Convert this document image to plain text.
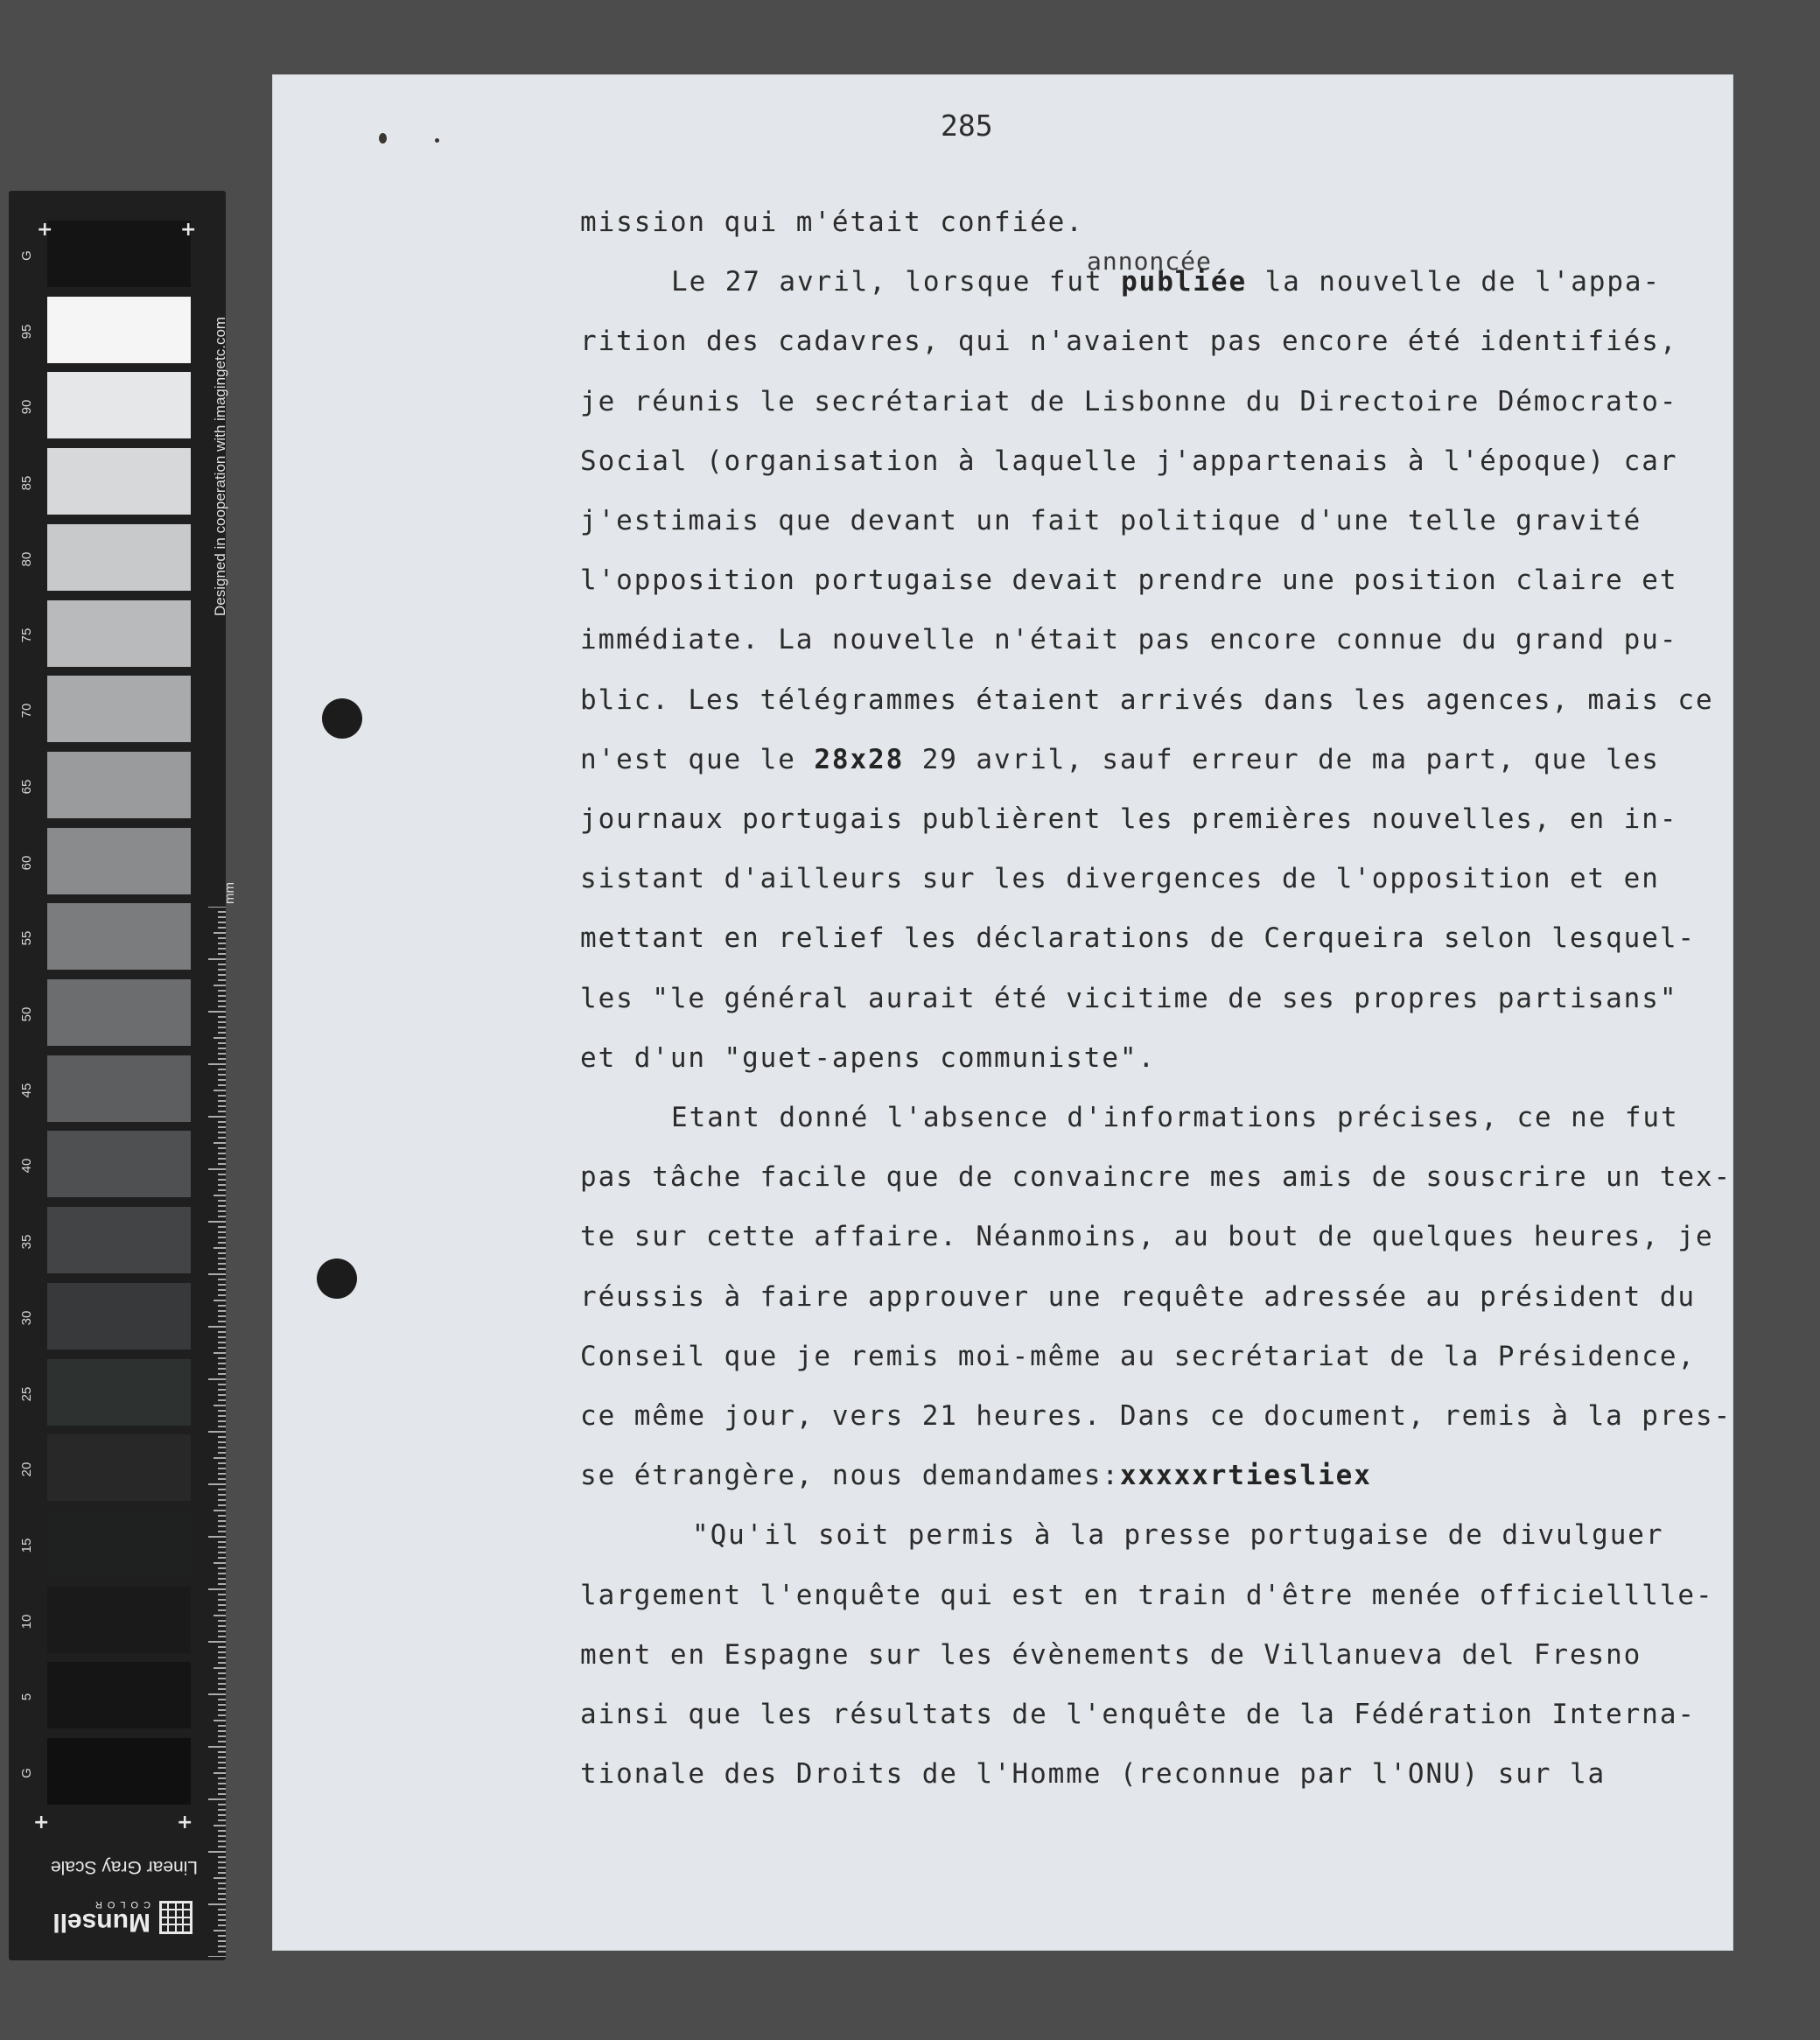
G
95
90
85
80
75
70
65
60
55
50
45
40
35
30
25
20
15
10
5
G
+	+
+	+
Designed in cooperation with imagingetc.com
mm
Linear Gray Scale
Munsell
COLOR
285
annoncée
mission qui m'était confiée.
Le 27 avril, lorsque fut publiée la nouvelle de l'appa-
rition des cadavres, qui n'avaient pas encore été identifiés,
je réunis le secrétariat de Lisbonne du Directoire Démocrato-
Social (organisation à laquelle j'appartenais à l'époque) car
j'estimais que devant un fait politique d'une telle gravité
l'opposition portugaise devait prendre une position claire et
immédiate. La nouvelle n'était pas encore connue du grand pu-
blic. Les télégrammes étaient arrivés dans les agences, mais ce
n'est que le 28x28 29 avril, sauf erreur de ma part, que les
journaux portugais publièrent les premières nouvelles, en in-
sistant d'ailleurs sur les divergences de l'opposition et en
mettant en relief les déclarations de Cerqueira selon lesquel-
les "le général aurait été vicitime de ses propres partisans"
et d'un "guet-apens communiste".
Etant donné l'absence d'informations précises, ce ne fut
pas tâche facile que de convaincre mes amis de souscrire un tex-
te sur cette affaire. Néanmoins, au bout de quelques heures, je
réussis à faire approuver une requête adressée au président du
Conseil que je remis moi-même au secrétariat de la Présidence,
ce même jour, vers 21 heures. Dans ce document, remis à la pres-
se étrangère, nous demandames:xxxxxrtiesliex
"Qu'il soit permis à la presse portugaise de divulguer
largement l'enquête qui est en train d'être menée officielllle-
ment en Espagne sur les évènements de Villanueva del Fresno
ainsi que les résultats de l'enquête de la Fédération Interna-
tionale des Droits de l'Homme (reconnue par l'ONU) sur la
